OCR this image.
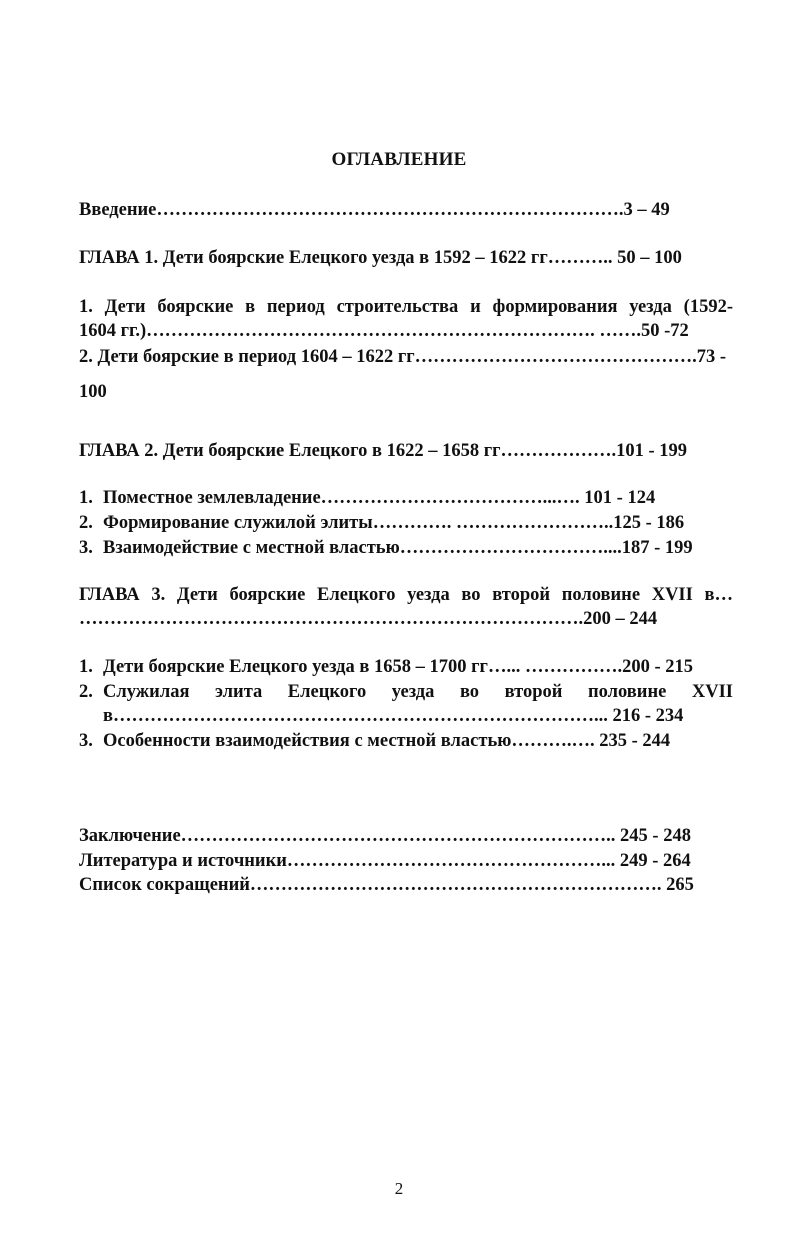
ОГЛАВЛЕНИЕ
Введение………………………………………………………………….3 – 49
ГЛАВА 1. Дети боярские Елецкого уезда в 1592 – 1622 гг……….. 50 – 100
1. Дети боярские в период строительства и формирования уезда (1592-
1604 гг.)………………………………………………………………. …….50 -72
2. Дети боярские в период 1604 – 1622 гг……………………………………….73 -
100
ГЛАВА 2. Дети боярские Елецкого в 1622 – 1658 гг……………….101 - 199
1. Поместное землевладение………………………………...…. 101 - 124
2. Формирование служилой элиты…………. ……………………..125 - 186
3. Взаимодействие с местной властью……………………………....187 - 199
ГЛАВА 3. Дети боярские Елецкого уезда во второй половине XVII в…
……………………………………………………………………….200 – 244
1. Дети боярские Елецкого уезда в 1658 – 1700 гг…... …………….200 - 215
2. Служилая элита Елецкого уезда во второй половине XVII
в……………………………………………………………………... 216 - 234
3. Особенности взаимодействия с местной властью……….…. 235 - 244
Заключение…………………………………………………………….. 245 - 248
Литература и источники……………………………………………... 249 - 264
Список сокращений…………………………………………………………. 265
2
